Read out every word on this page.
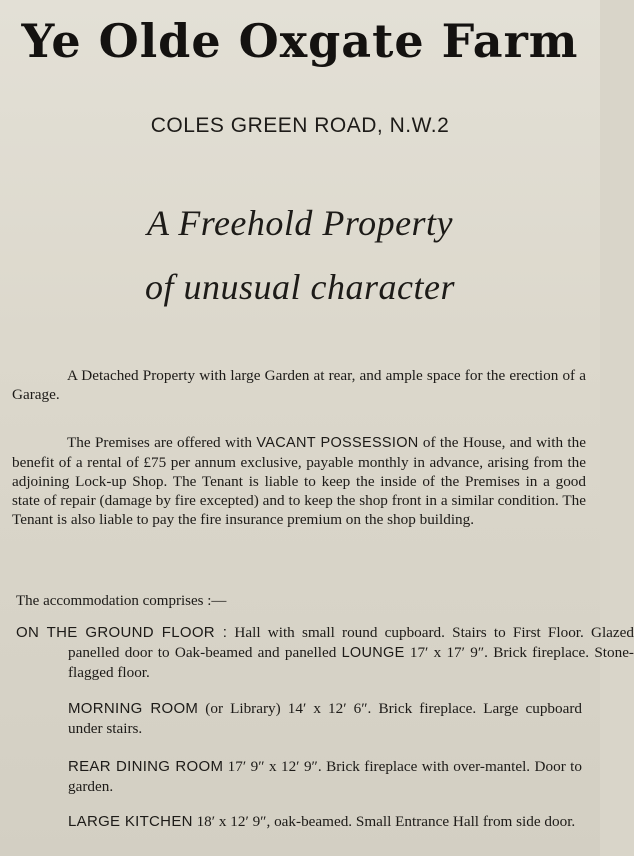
Ye Olde Oxgate Farm
COLES GREEN ROAD, N.W.2
A Freehold Property
of unusual character
A Detached Property with large Garden at rear, and ample space for the erection of a Garage.
The Premises are offered with VACANT POSSESSION of the House, and with the benefit of a rental of £75 per annum exclusive, payable monthly in advance, arising from the adjoining Lock-up Shop. The Tenant is liable to keep the inside of the Premises in a good state of repair (damage by fire excepted) and to keep the shop front in a similar condition. The Tenant is also liable to pay the fire insurance premium on the shop building.
The accommodation comprises :—
ON THE GROUND FLOOR : Hall with small round cupboard. Stairs to First Floor. Glazed panelled door to Oak-beamed and panelled LOUNGE 17′ x 17′ 9″. Brick fireplace. Stone-flagged floor.
MORNING ROOM (or Library) 14′ x 12′ 6″. Brick fireplace. Large cupboard under stairs.
REAR DINING ROOM 17′ 9″ x 12′ 9″. Brick fireplace with over-mantel. Door to garden.
LARGE KITCHEN 18′ x 12′ 9″, oak-beamed. Small Entrance Hall from side door.
